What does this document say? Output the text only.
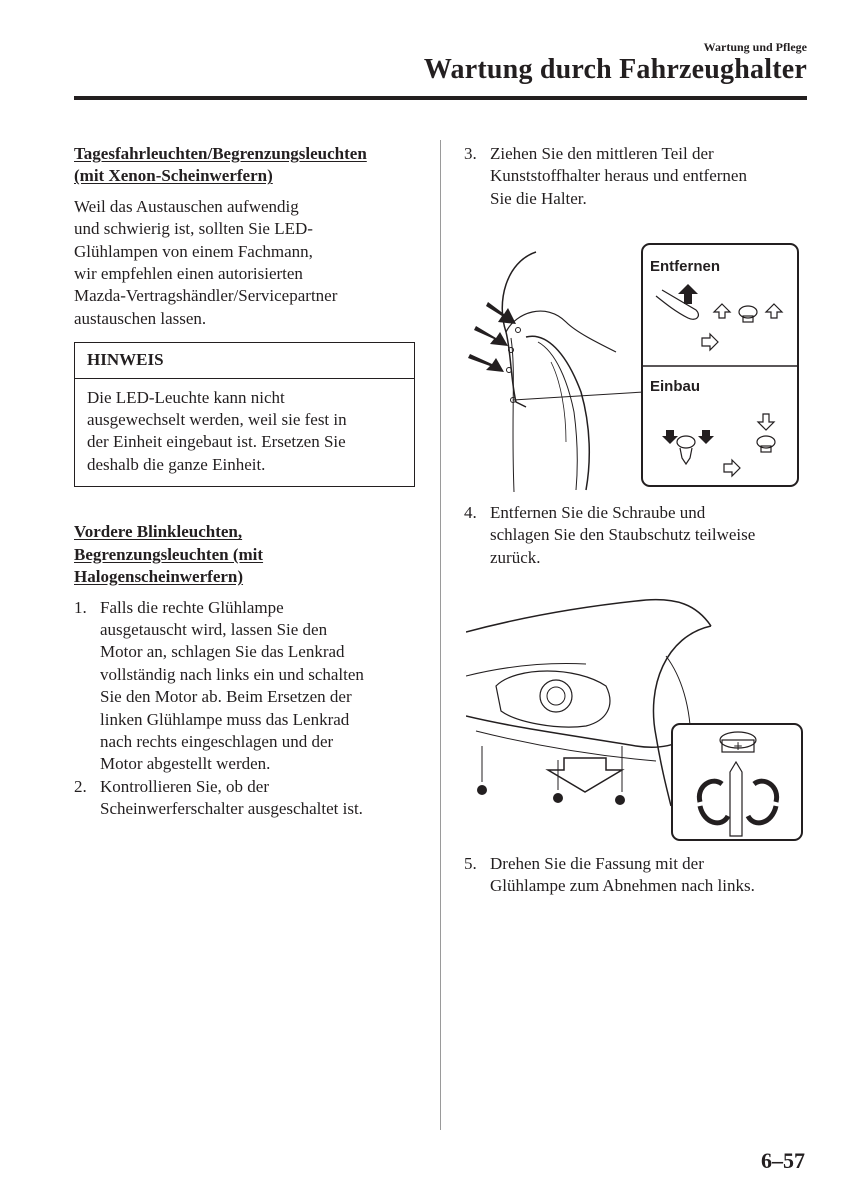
Wartung und Pflege
Wartung durch Fahrzeughalter

Tagesfahrleuchten/Begrenzungsleuchten
(mit Xenon-Scheinwerfern)

Weil das Austauschen aufwendig
und schwierig ist, sollten Sie LED-
Glühlampen von einem Fachmann,
wir empfehlen einen autorisierten
Mazda-Vertragshändler/Servicepartner
austauschen lassen.

HINWEIS
Die LED-Leuchte kann nicht
ausgewechselt werden, weil sie fest in
der Einheit eingebaut ist. Ersetzen Sie
deshalb die ganze Einheit.

Vordere Blinkleuchten,
Begrenzungsleuchten (mit
Halogenscheinwerfern)

1. Falls die rechte Glühlampe
ausgetauscht wird, lassen Sie den
Motor an, schlagen Sie das Lenkrad
vollständig nach links ein und schalten
Sie den Motor ab. Beim Ersetzen der
linken Glühlampe muss das Lenkrad
nach rechts eingeschlagen und der
Motor abgestellt werden.
2. Kontrollieren Sie, ob der
Scheinwerferschalter ausgeschaltet ist.
3. Ziehen Sie den mittleren Teil der
Kunststoffhalter heraus und entfernen
Sie die Halter.
Entfernen
Einbau
4. Entfernen Sie die Schraube und
schlagen Sie den Staubschutz teilweise
zurück.
+
5. Drehen Sie die Fassung mit der
Glühlampe zum Abnehmen nach links.
6–57
